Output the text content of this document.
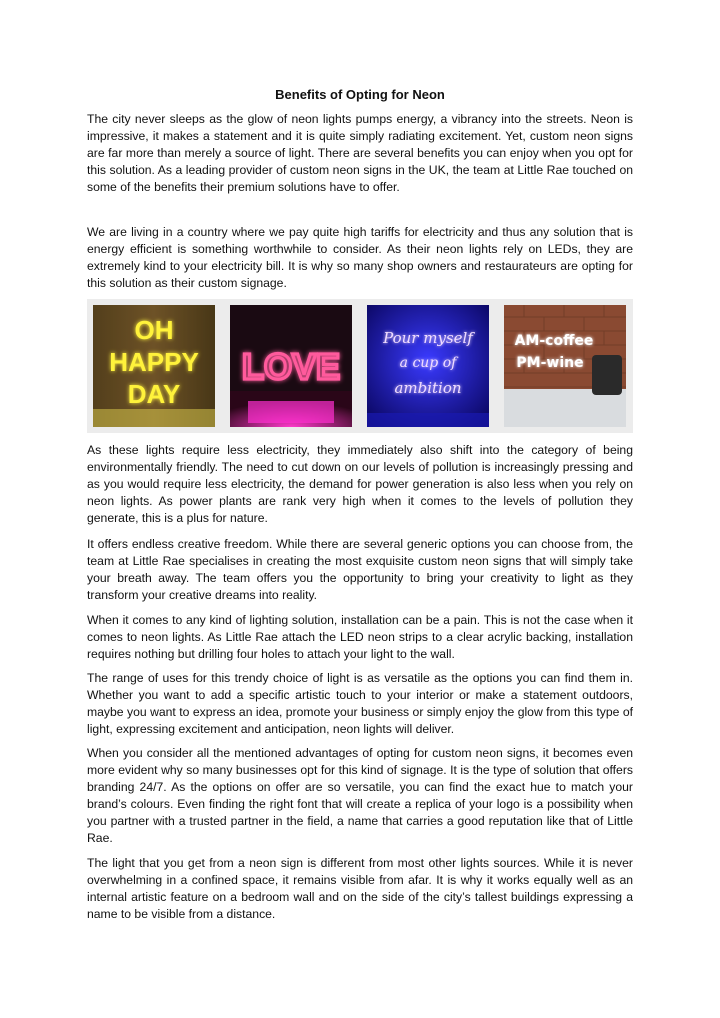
Benefits of Opting for Neon

The city never sleeps as the glow of neon lights pumps energy, a vibrancy into the streets. Neon is impressive, it makes a statement and it is quite simply radiating excitement. Yet, custom neon signs are far more than merely a source of light. There are several benefits you can enjoy when you opt for this solution. As a leading provider of custom neon signs in the UK, the team at Little Rae touched on some of the benefits their premium solutions have to offer.

We are living in a country where we pay quite high tariffs for electricity and thus any solution that is energy efficient is something worthwhile to consider. As their neon lights rely on LEDs, they are extremely kind to your electricity bill. It is why so many shop owners and restaurateurs are opting for this solution as their custom signage.

OH
HAPPY
DAY
LOVE
Pour myself
a cup of
ambition
AM-coffee
PM-wine

As these lights require less electricity, they immediately also shift into the category of being environmentally friendly. The need to cut down on our levels of pollution is increasingly pressing and as you would require less electricity, the demand for power generation is also less when you rely on neon lights. As power plants are rank very high when it comes to the levels of pollution they generate, this is a plus for nature.

It offers endless creative freedom. While there are several generic options you can choose from, the team at Little Rae specialises in creating the most exquisite custom neon signs that will simply take your breath away. The team offers you the opportunity to bring your creativity to light as they transform your creative dreams into reality.

When it comes to any kind of lighting solution, installation can be a pain. This is not the case when it comes to neon lights. As Little Rae attach the LED neon strips to a clear acrylic backing, installation requires nothing but drilling four holes to attach your light to the wall.

The range of uses for this trendy choice of light is as versatile as the options you can find them in. Whether you want to add a specific artistic touch to your interior or make a statement outdoors, maybe you want to express an idea, promote your business or simply enjoy the glow from this type of light, expressing excitement and anticipation, neon lights will deliver.

When you consider all the mentioned advantages of opting for custom neon signs, it becomes even more evident why so many businesses opt for this kind of signage. It is the type of solution that offers branding 24/7. As the options on offer are so versatile, you can find the exact hue to match your brand’s colours. Even finding the right font that will create a replica of your logo is a possibility when you partner with a trusted partner in the field, a name that carries a good reputation like that of Little Rae.

The light that you get from a neon sign is different from most other lights sources. While it is never overwhelming in a confined space, it remains visible from afar. It is why it works equally well as an internal artistic feature on a bedroom wall and on the side of the city’s tallest buildings expressing a name to be visible from a distance.
